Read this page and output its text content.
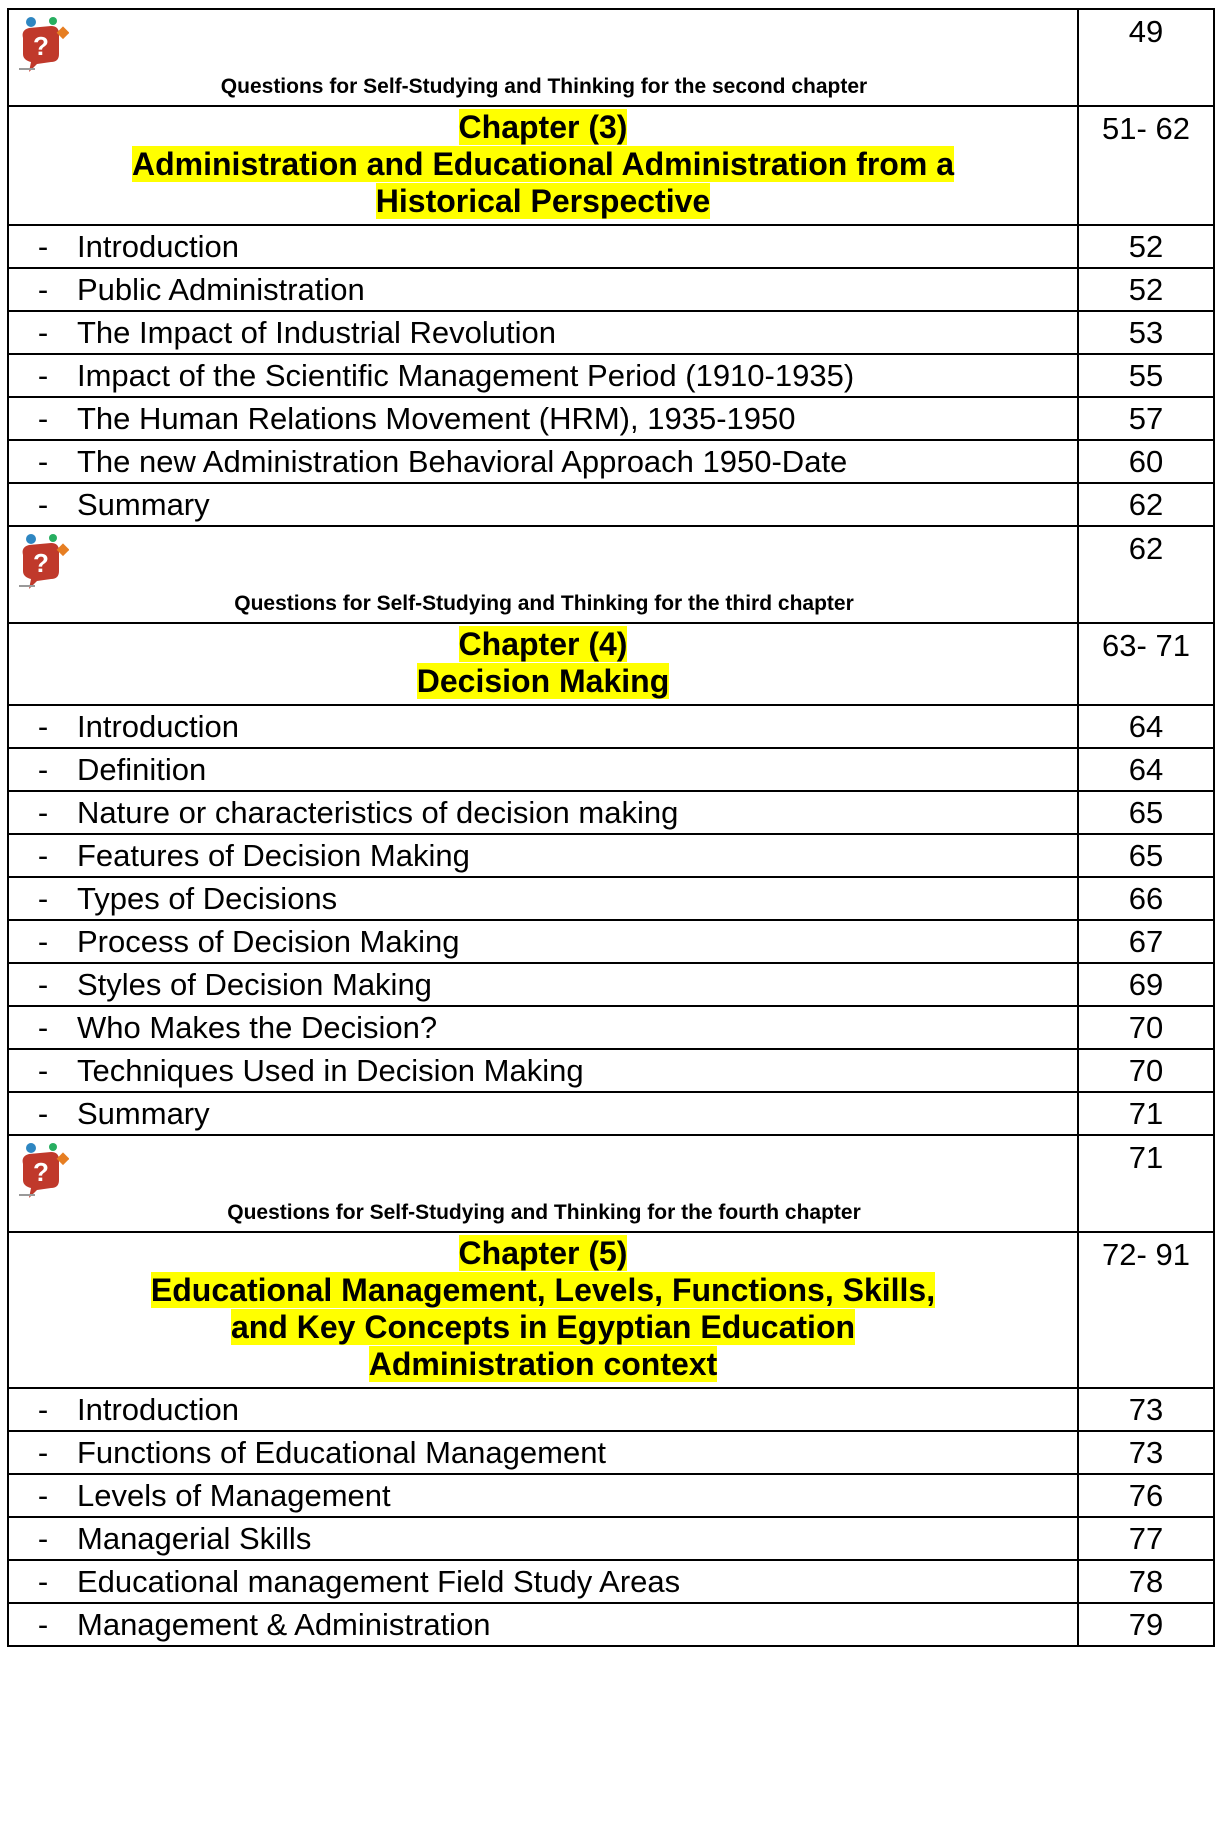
?
Questions for Self-Studying and Thinking for the second chapter	49

Chapter (3)
Administration and Educational Administration from a
Historical Perspective	51- 62
- Introduction	52
- Public Administration	52
- The Impact of Industrial Revolution	53
- Impact of the Scientific Management Period (1910-1935)	55
- The Human Relations Movement (HRM), 1935-1950	57
- The new Administration Behavioral Approach 1950-Date	60
- Summary	62

?
Questions for Self-Studying and Thinking for the third chapter	62

Chapter (4)
Decision Making	63- 71
- Introduction	64
- Definition	64
- Nature or characteristics of decision making	65
- Features of Decision Making	65
- Types of Decisions	66
- Process of Decision Making	67
- Styles of Decision Making	69
- Who Makes the Decision?	70
- Techniques Used in Decision Making	70
- Summary	71

?
Questions for Self-Studying and Thinking for the fourth chapter	71

Chapter (5)
Educational Management, Levels, Functions, Skills,
and Key Concepts in Egyptian Education
Administration context	72- 91
- Introduction	73
- Functions of Educational Management	73
- Levels of Management	76
- Managerial Skills	77
- Educational management Field Study Areas	78
- Management & Administration	79
